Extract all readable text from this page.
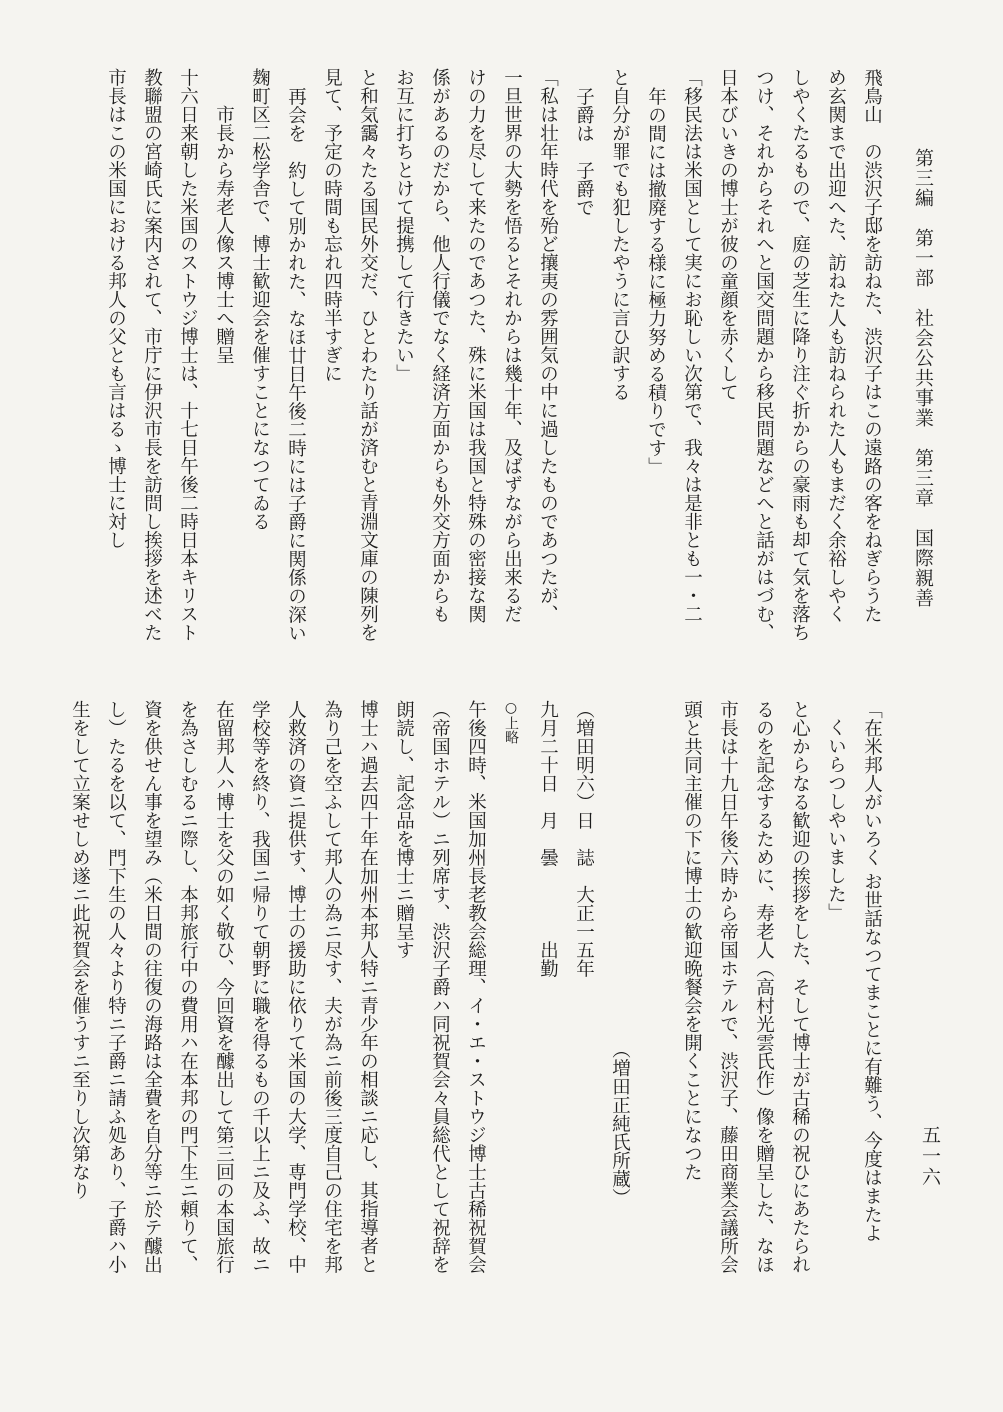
第三編　第一部　社会公共事業　第三章　国際親善
五一六
飛鳥山　の渋沢子邸を訪ねた、渋沢子はこの遠路の客をねぎらうた
め玄関まで出迎へた、訪ねた人も訪ねられた人もまだく余裕しやく
しやくたるもので、庭の芝生に降り注ぐ折からの豪雨も却て気を落ち
つけ、それからそれへと国交問題から移民問題などへと話がはづむ、
日本びいきの博士が彼の童顔を赤くして
「移民法は米国として実にお恥しい次第で、我々は是非とも一・二
年の間には撤廃する様に極力努める積りです」
と自分が罪でも犯したやうに言ひ訳する
子爵は　子爵で
「私は壮年時代を殆ど攘夷の雰囲気の中に過したものであつたが、
一旦世界の大勢を悟るとそれからは幾十年、及ばずながら出来るだ
けの力を尽して来たのであつた、殊に米国は我国と特殊の密接な関
係があるのだから、他人行儀でなく経済方面からも外交方面からも
お互に打ちとけて提携して行きたい」
と和気靄々たる国民外交だ、ひとわたり話が済むと青淵文庫の陳列を
見て、予定の時間も忘れ四時半すぎに
再会を　約して別かれた、なほ廿日午後二時には子爵に関係の深い
麹町区二松学舎で、博士歓迎会を催すことになつてゐる
　　市長から寿老人像ス博士へ贈呈
十六日来朝した米国のストウジ博士は、十七日午後二時日本キリスト
教聯盟の宮崎氏に案内されて、市庁に伊沢市長を訪問し挨拶を述べた
市長はこの米国における邦人の父とも言はるゝ博士に対し
「在米邦人がいろく お世話なつてまことに有難う、今度はまたよ
くいらつしやいました」
と心からなる歓迎の挨拶をした、そして博士が古稀の祝ひにあたられ
るのを記念するために、寿老人（高村光雲氏作）像を贈呈した、なほ
市長は十九日午後六時から帝国ホテルで、渋沢子、藤田商業会議所会
頭と共同主催の下に博士の歓迎晩餐会を開くことになつた
（増田正純氏所蔵）
（増田明六）日　誌　大正一五年
九月二十日　月　曇　　　　出勤
○上略
午後四時、米国加州長老教会総理、イ・エ・ストウジ博士古稀祝賀会
（帝国ホテル）ニ列席す、渋沢子爵ハ同祝賀会々員総代として祝辞を
朗読し、記念品を博士ニ贈呈す
博士ハ過去四十年在加州本邦人特ニ青少年の相談ニ応し、其指導者と
為り己を空ふして邦人の為ニ尽す、夫が為ニ前後三度自己の住宅を邦
人救済の資ニ提供す、博士の援助に依りて米国の大学、専門学校、中
学校等を終り、我国ニ帰りて朝野に職を得るもの千以上ニ及ふ、故ニ
在留邦人ハ博士を父の如く敬ひ、今回資を醵出して第三回の本国旅行
を為さしむるニ際し、本邦旅行中の費用ハ在本邦の門下生ニ頼りて、
資を供せん事を望み（米日間の往復の海路は全費を自分等ニ於テ醵出
し）たるを以て、門下生の人々より特ニ子爵ニ請ふ処あり、子爵ハ小
生をして立案せしめ遂ニ此祝賀会を催うすニ至りし次第なり
